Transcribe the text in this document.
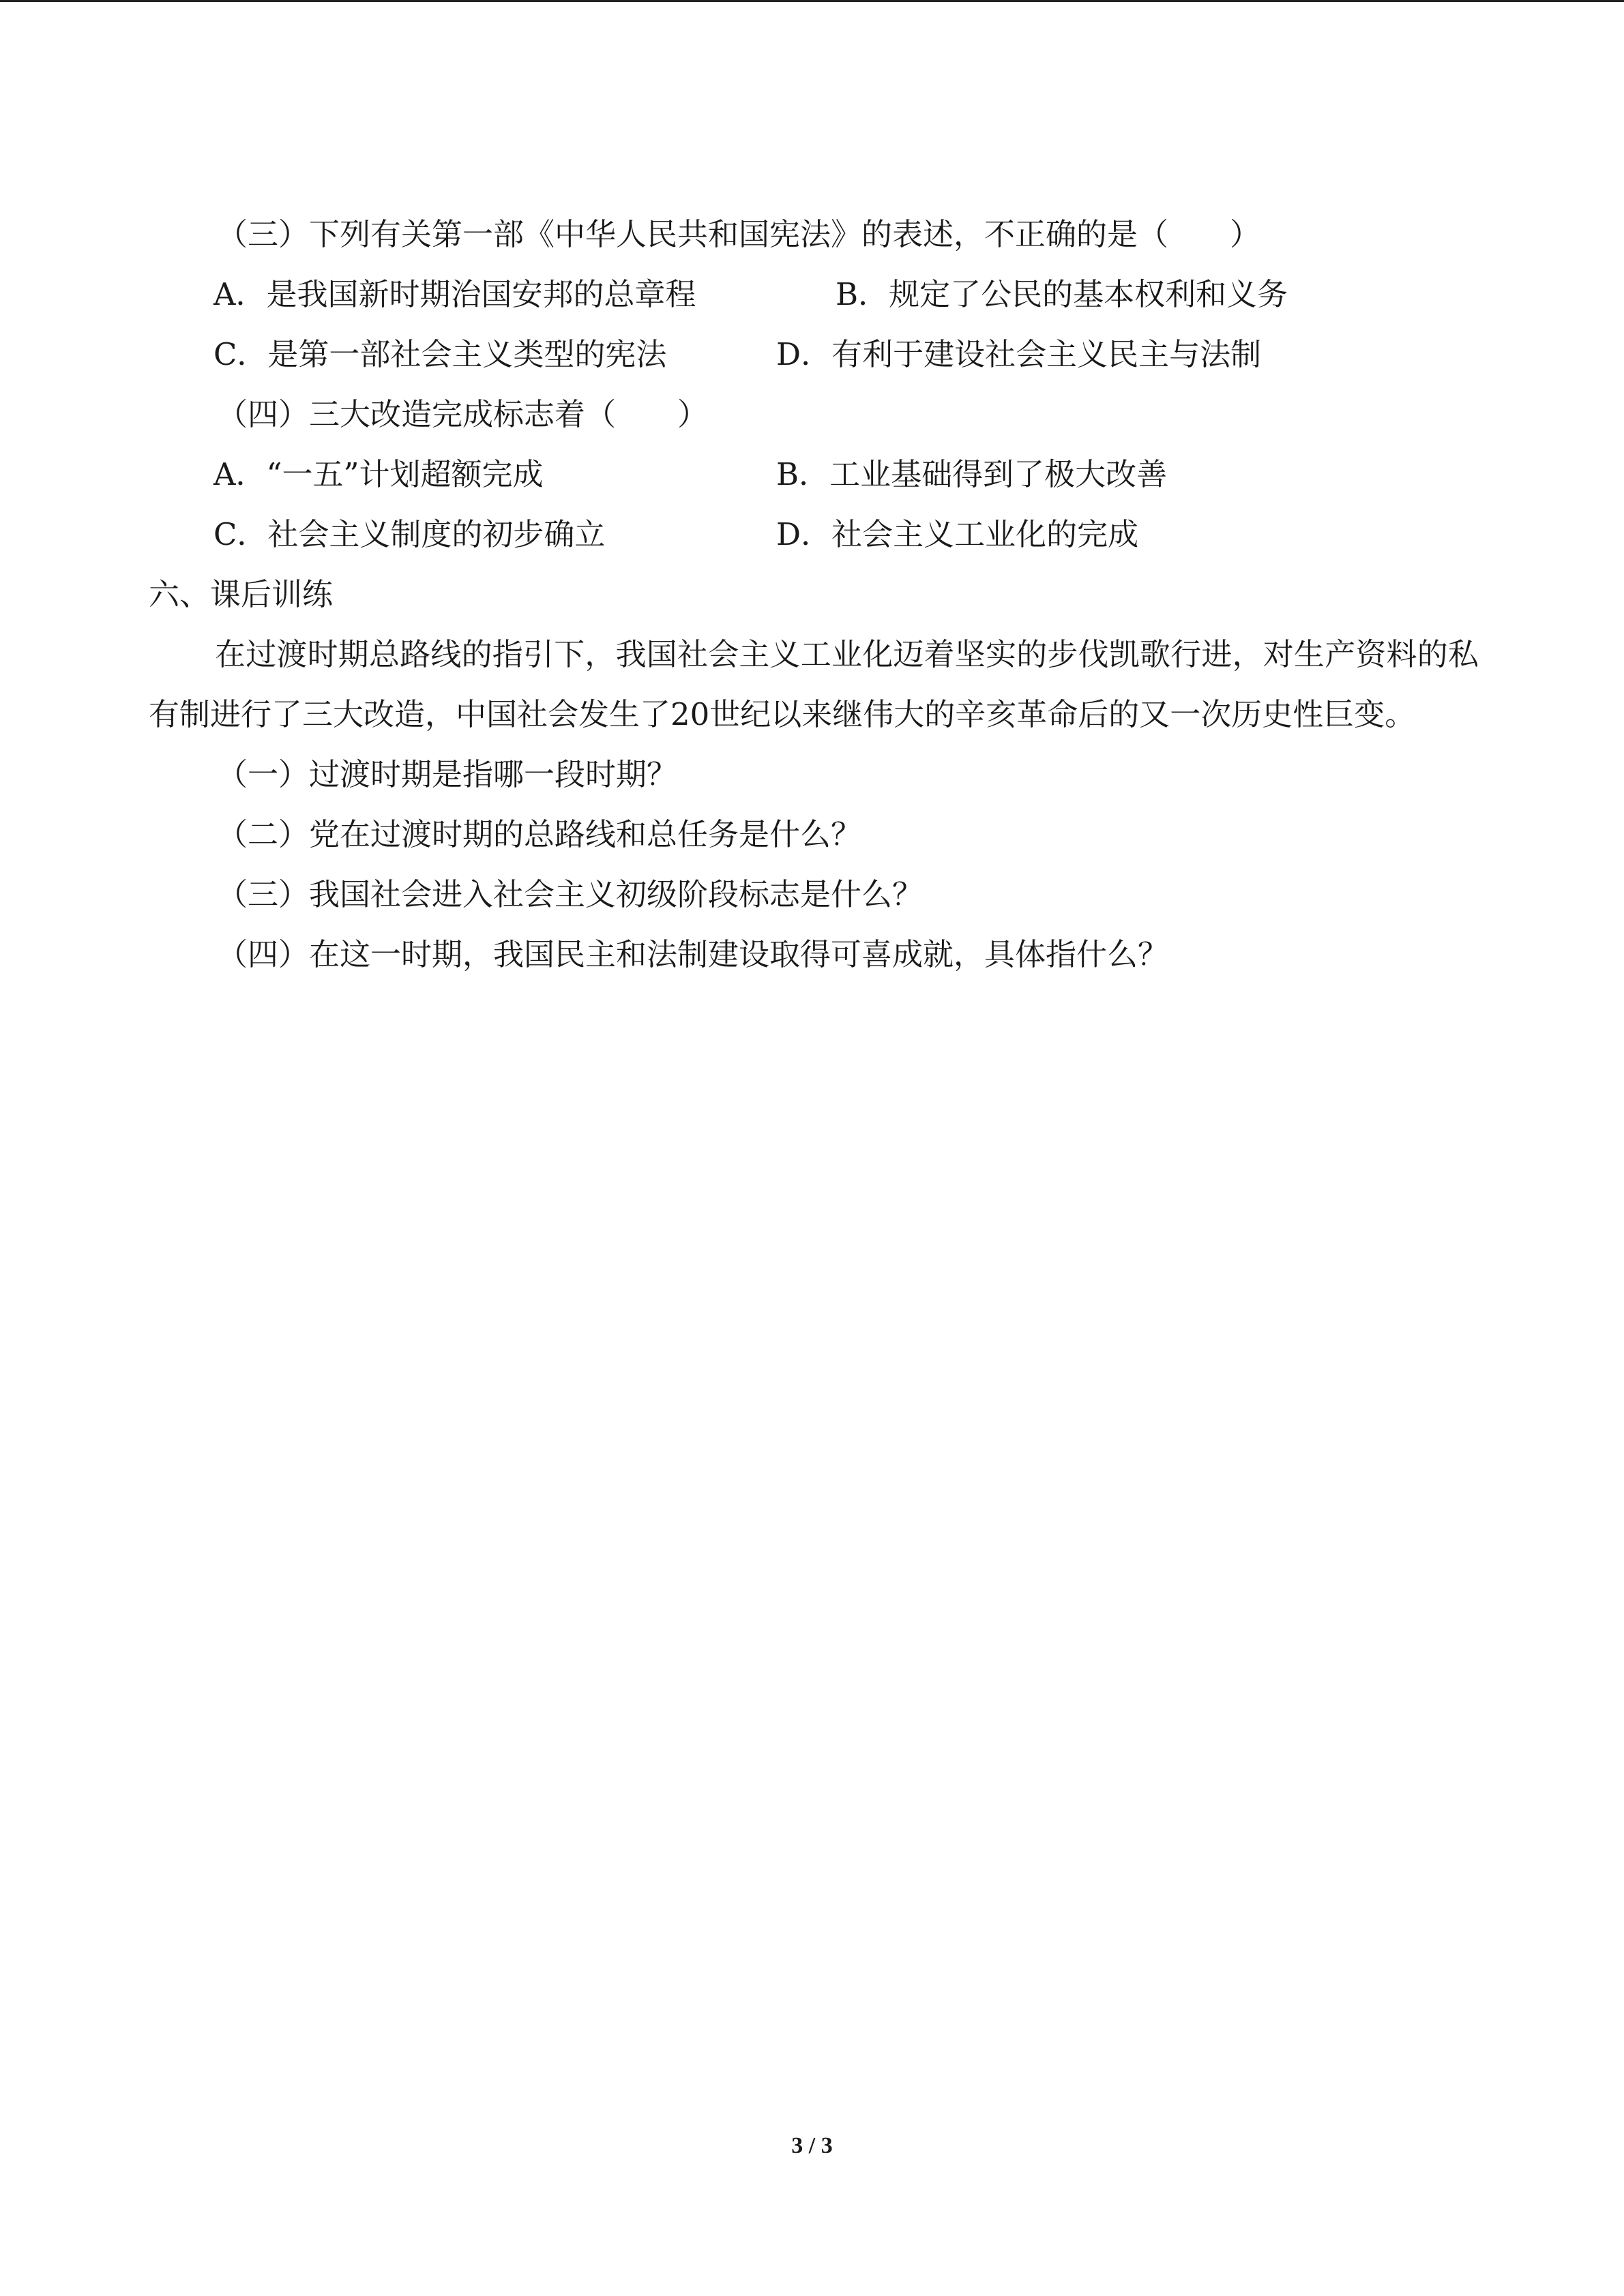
（三）下列有关第一部《中华人民共和国宪法》的表述，不正确的是（　　）
A．是我国新时期治国安邦的总章程	B．规定了公民的基本权利和义务
C．是第一部社会主义类型的宪法	D．有利于建设社会主义民主与法制
（四）三大改造完成标志着（　　）
A．“一五”计划超额完成	B．工业基础得到了极大改善
C．社会主义制度的初步确立	D．社会主义工业化的完成
六、课后训练
在过渡时期总路线的指引下，我国社会主义工业化迈着坚实的步伐凯歌行进，对生产资料的私有制进行了三大改造，中国社会发生了20世纪以来继伟大的辛亥革命后的又一次历史性巨变。
（一）过渡时期是指哪一段时期？
（二）党在过渡时期的总路线和总任务是什么？
（三）我国社会进入社会主义初级阶段标志是什么？
（四）在这一时期，我国民主和法制建设取得可喜成就，具体指什么？
3 / 3
